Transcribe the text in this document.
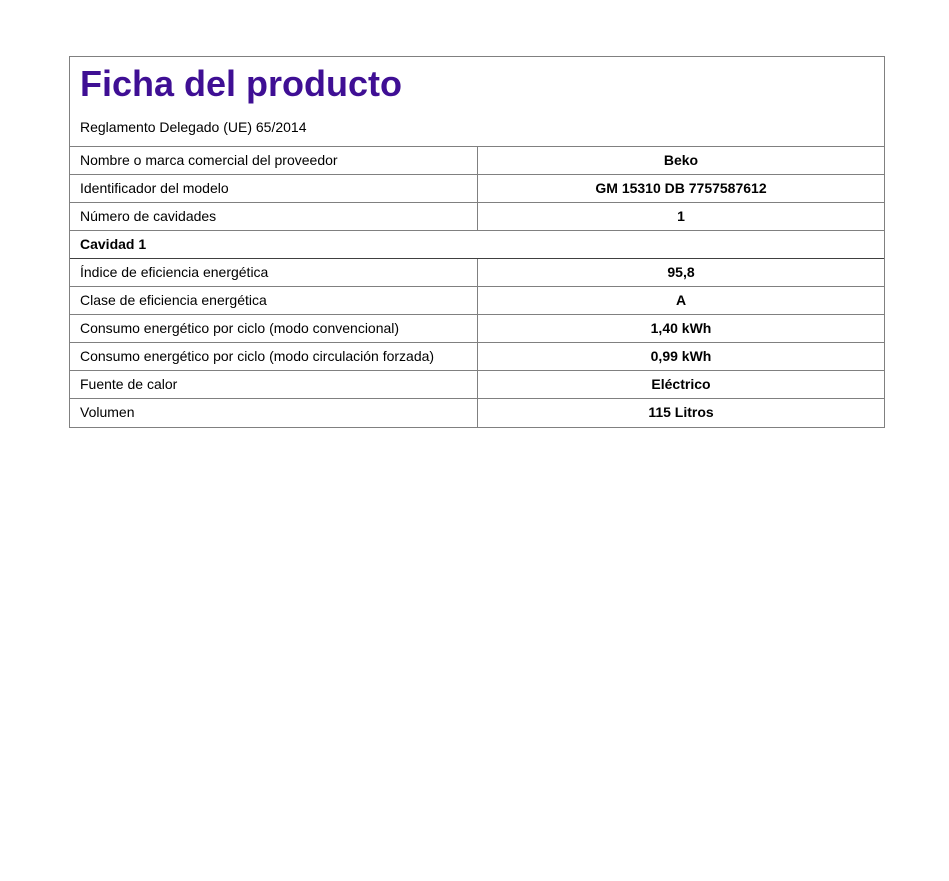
Ficha del producto

Reglamento Delegado (UE) 65/2014

Nombre o marca comercial del proveedor	Beko
Identificador del modelo	GM 15310 DB 7757587612
Número de cavidades	1
Cavidad 1
Índice de eficiencia energética	95,8
Clase de eficiencia energética	A
Consumo energético por ciclo (modo convencional)	1,40 kWh
Consumo energético por ciclo (modo circulación forzada)	0,99 kWh
Fuente de calor	Eléctrico
Volumen	115 Litros
